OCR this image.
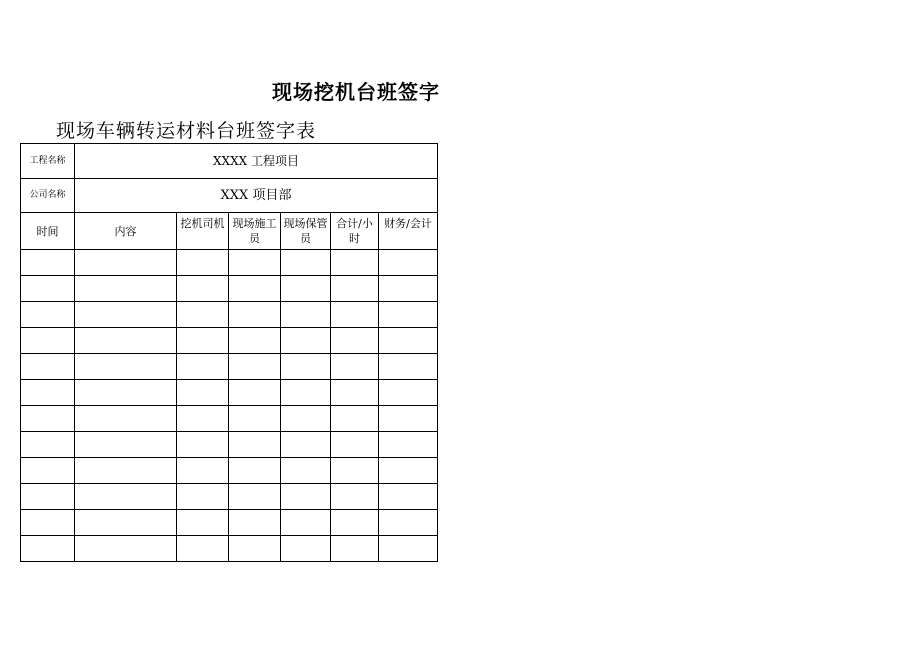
现场挖机台班签字
现场车辆转运材料台班签字表
工程名称	XXXX 工程项目					
公司名称	XXX 项目部					
时间	内容	挖机司机	现场施工员	现场保管员	合计/小时	财务/会计
